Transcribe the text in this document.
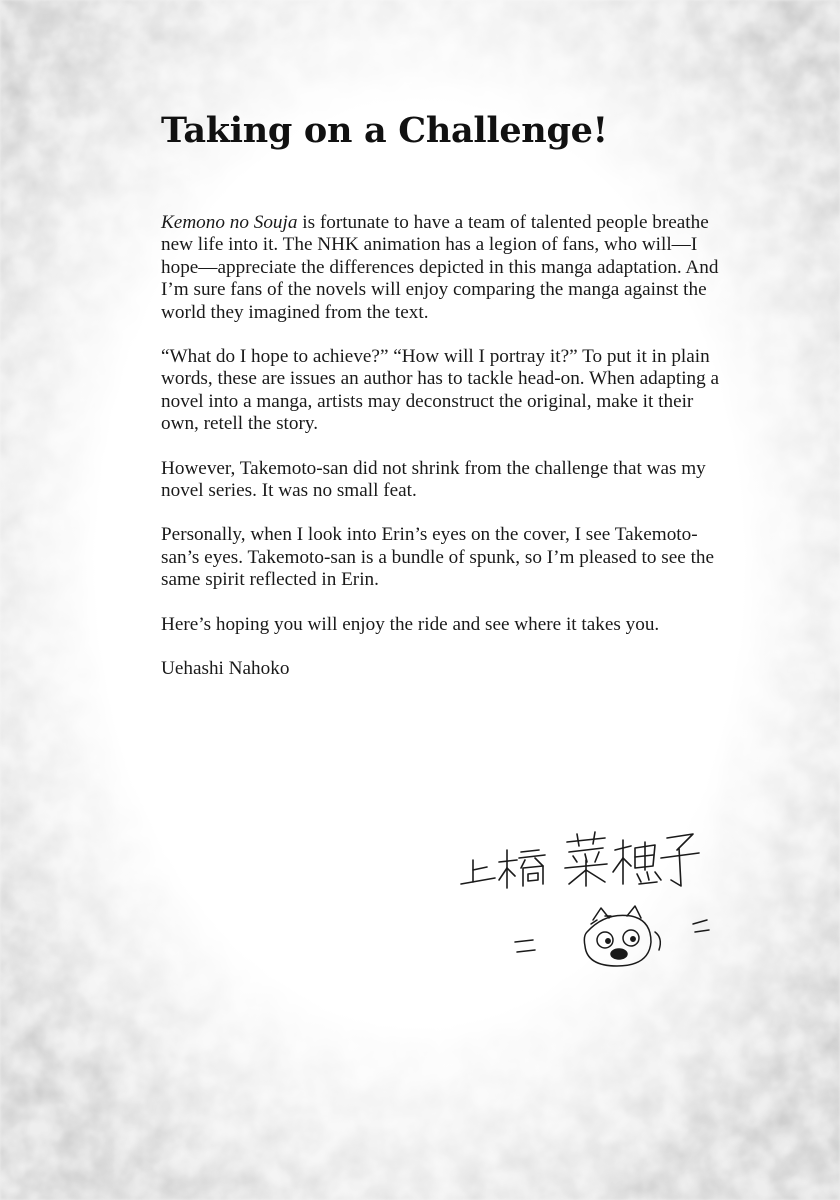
Taking on a Challenge!

Kemono no Souja is fortunate to have a team of talented people breathe new life into it. The NHK animation has a legion of fans, who will—I hope—appreciate the differences depicted in this manga adaptation. And I’m sure fans of the novels will enjoy comparing the manga against the world they imagined from the text.

“What do I hope to achieve?” “How will I portray it?” To put it in plain words, these are issues an author has to tackle head-on. When adapting a novel into a manga, artists may deconstruct the original, make it their own, retell the story.

However, Takemoto-san did not shrink from the challenge that was my novel series. It was no small feat.

Personally, when I look into Erin’s eyes on the cover, I see Takemoto-san’s eyes. Takemoto-san is a bundle of spunk, so I’m pleased to see the same spirit reflected in Erin.

Here’s hoping you will enjoy the ride and see where it takes you.

Uehashi Nahoko
